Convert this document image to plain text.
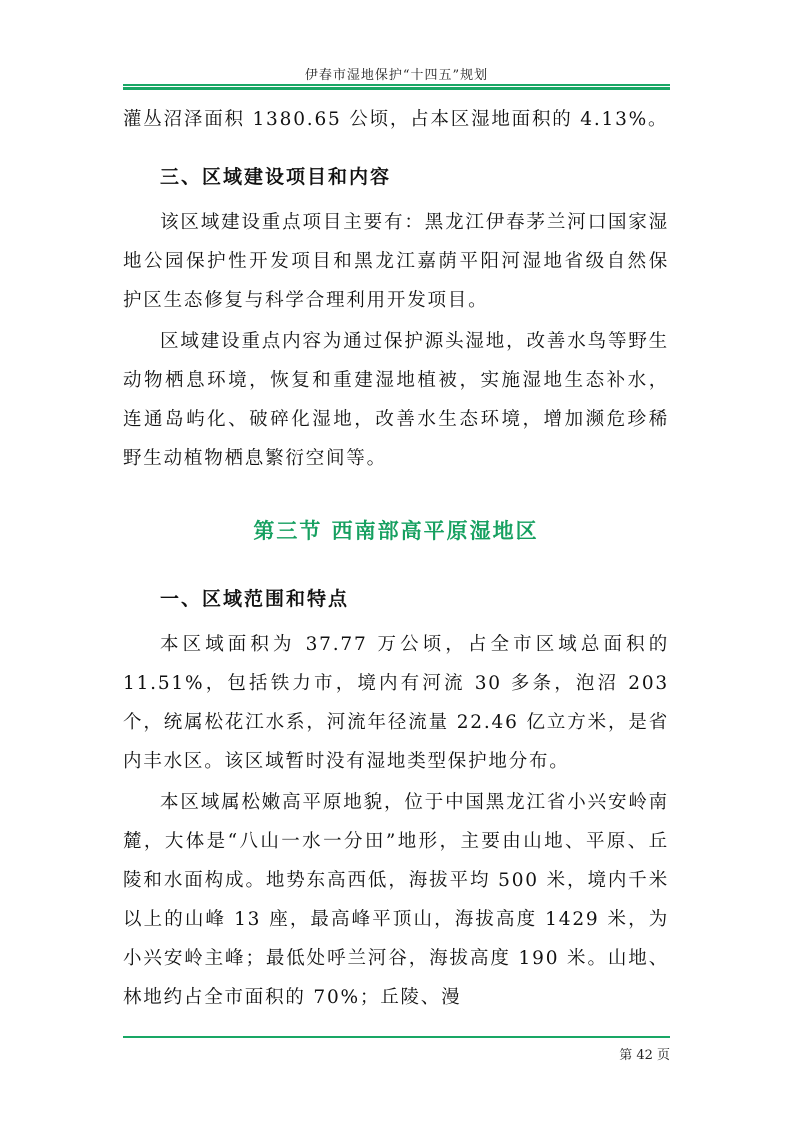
伊春市湿地保护“十四五”规划

灌丛沼泽面积 1380.65 公顷，占本区湿地面积的 4.13%。

三、区域建设项目和内容

该区域建设重点项目主要有：黑龙江伊春茅兰河口国家湿地公园保护性开发项目和黑龙江嘉荫平阳河湿地省级自然保护区生态修复与科学合理利用开发项目。

区域建设重点内容为通过保护源头湿地，改善水鸟等野生动物栖息环境，恢复和重建湿地植被，实施湿地生态补水，连通岛屿化、破碎化湿地，改善水生态环境，增加濒危珍稀野生动植物栖息繁衍空间等。

第三节 西南部高平原湿地区
一、区域范围和特点

本区域面积为 37.77 万公顷，占全市区域总面积的 11.51%，包括铁力市，境内有河流 30 多条，泡沼 203 个，统属松花江水系，河流年径流量 22.46 亿立方米，是省内丰水区。该区域暂时没有湿地类型保护地分布。

本区域属松嫩高平原地貌，位于中国黑龙江省小兴安岭南麓，大体是“八山一水一分田”地形，主要由山地、平原、丘陵和水面构成。地势东高西低，海拔平均 500 米，境内千米以上的山峰 13 座，最高峰平顶山，海拔高度 1429 米，为小兴安岭主峰；最低处呼兰河谷，海拔高度 190 米。山地、林地约占全市面积的 70%；丘陵、漫

第 42 页
